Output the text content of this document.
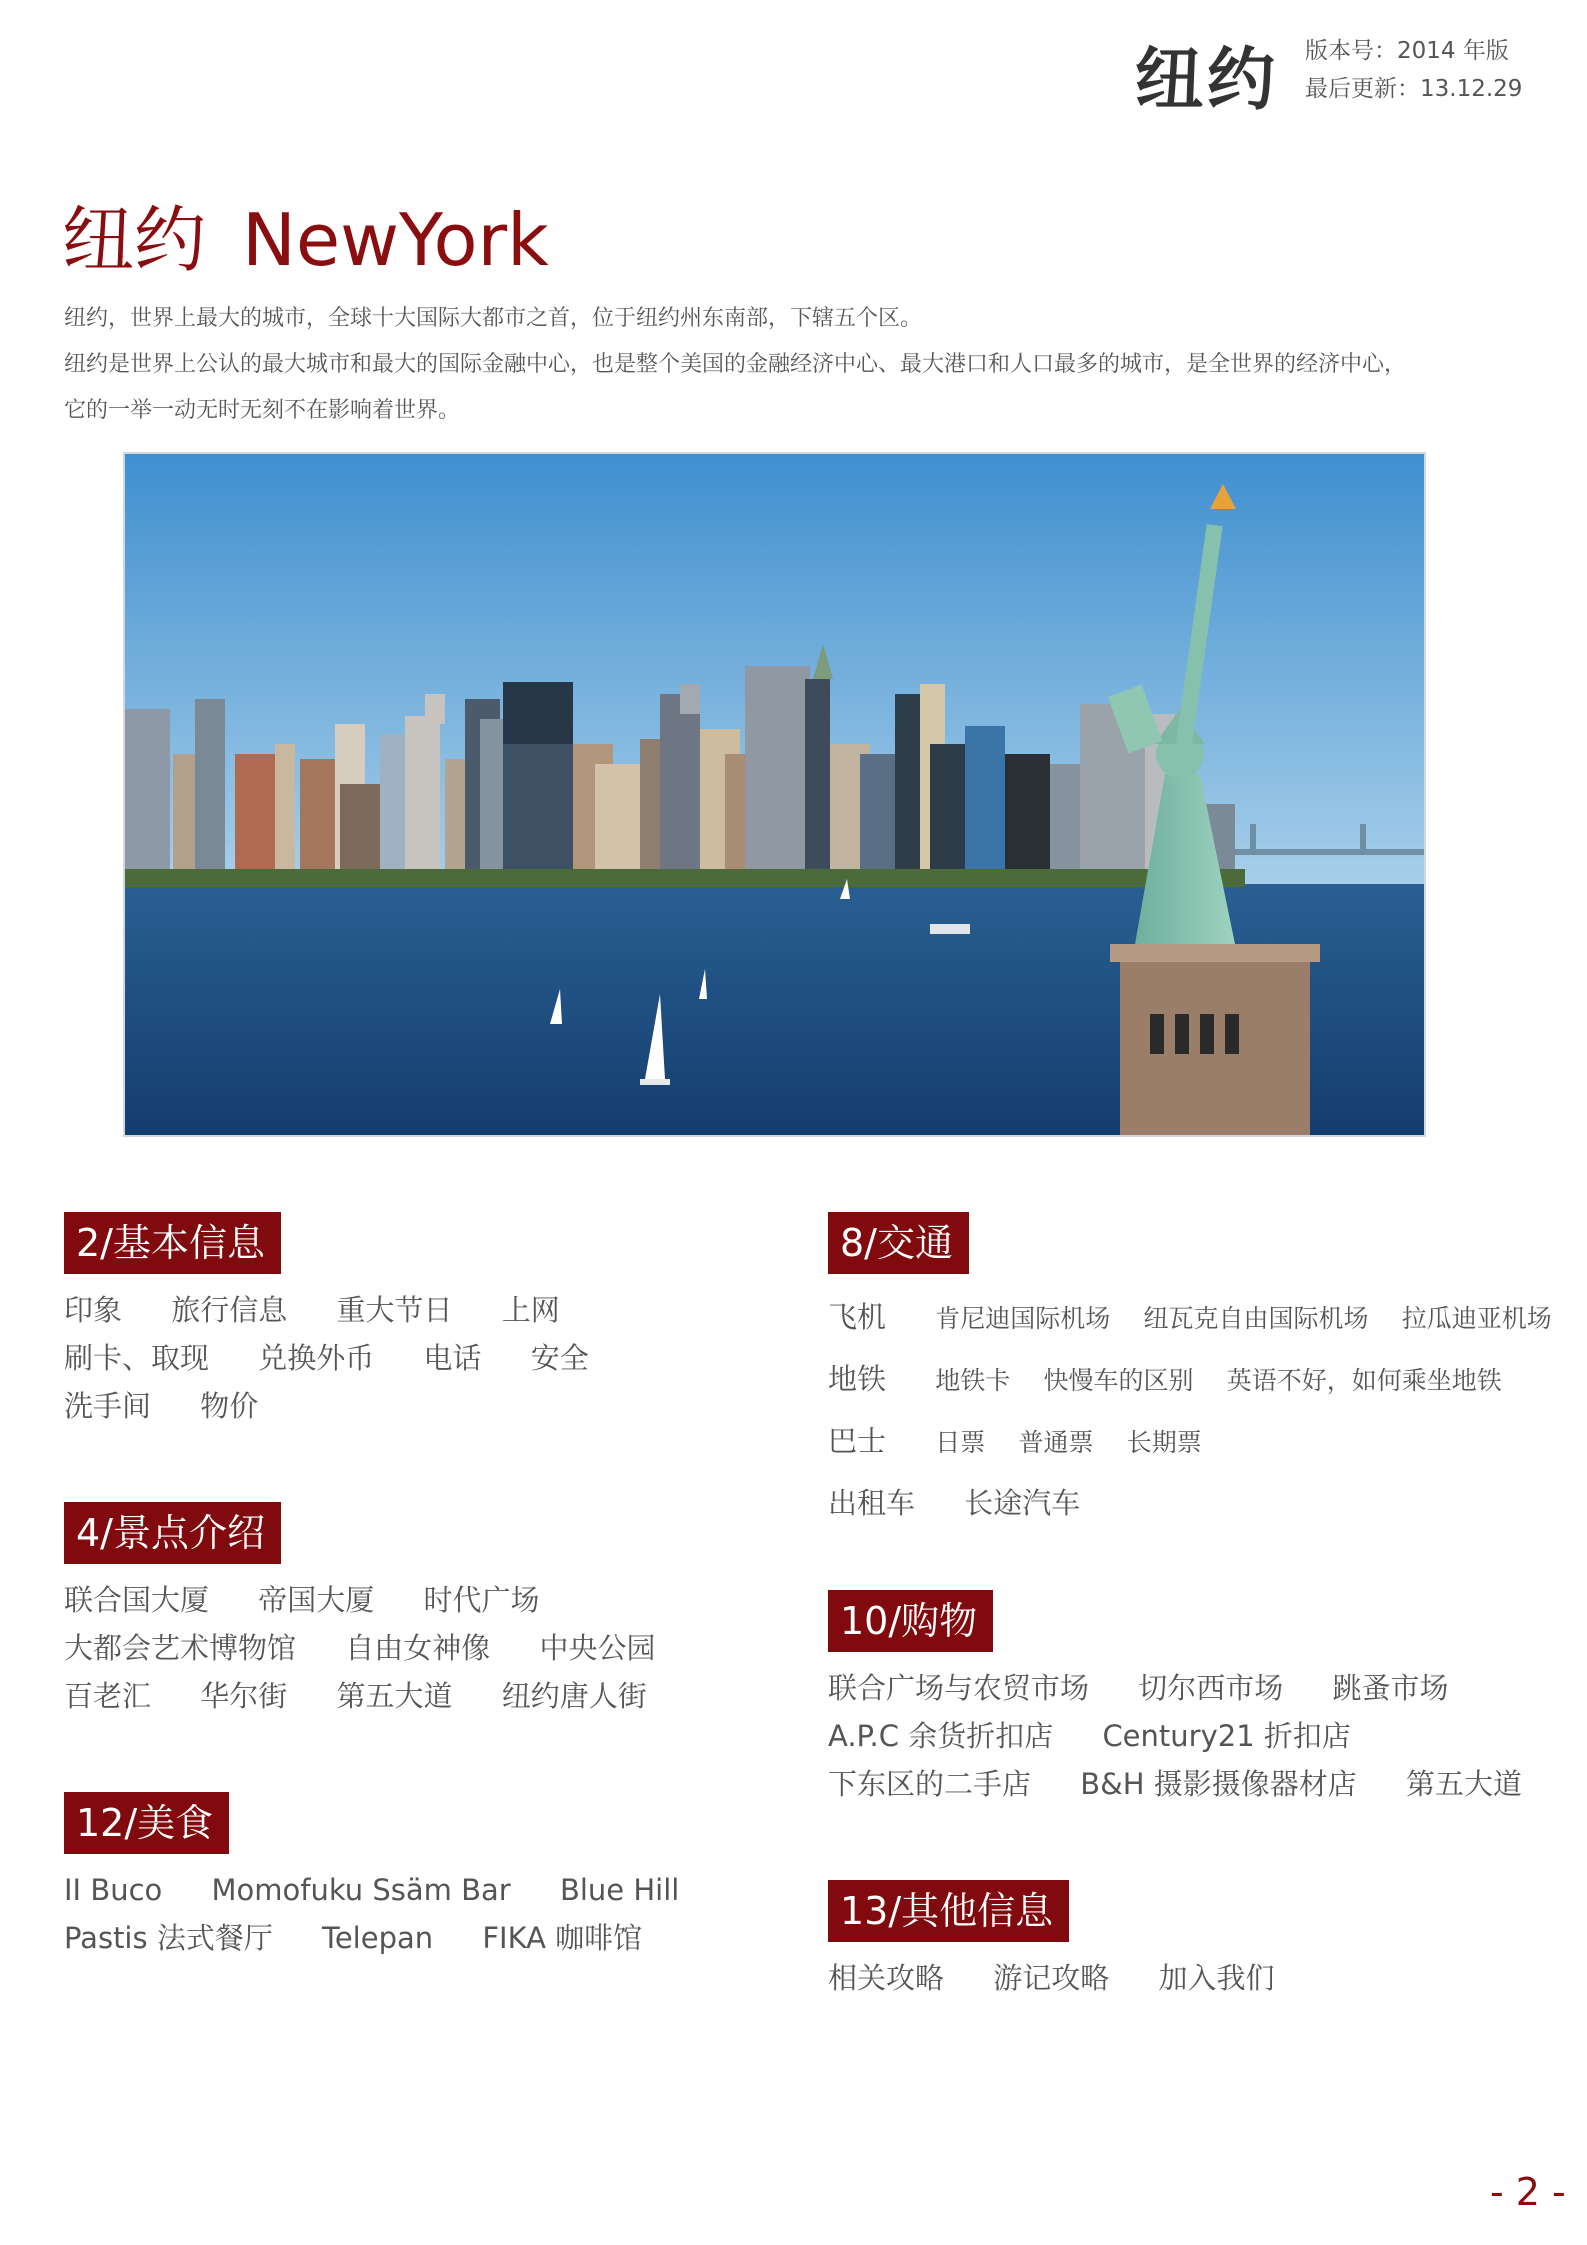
纽约 版本号：2014 年版
最后更新：13.12.29
纽约 NewYork
纽约，世界上最大的城市，全球十大国际大都市之首，位于纽约州东南部，下辖五个区。
纽约是世界上公认的最大城市和最大的国际金融中心，也是整个美国的金融经济中心、最大港口和人口最多的城市，是全世界的经济中心，
它的一举一动无时无刻不在影响着世界。
2/基本信息
印象 旅行信息 重大节日 上网
刷卡、取现 兑换外币 电话 安全
洗手间 物价
4/景点介绍
联合国大厦 帝国大厦 时代广场
大都会艺术博物馆 自由女神像 中央公园
百老汇 华尔街 第五大道 纽约唐人街
12/美食
II Buco Momofuku Ssäm Bar Blue Hill
Pastis 法式餐厅 Telepan FIKA 咖啡馆
8/交通
飞机 肯尼迪国际机场 纽瓦克自由国际机场 拉瓜迪亚机场
地铁 地铁卡 快慢车的区别 英语不好，如何乘坐地铁
巴士 日票 普通票 长期票
出租车 长途汽车
10/购物
联合广场与农贸市场 切尔西市场 跳蚤市场
A.P.C 余货折扣店 Century21 折扣店
下东区的二手店 B&H 摄影摄像器材店 第五大道
13/其他信息
相关攻略 游记攻略 加入我们
- 2 -
